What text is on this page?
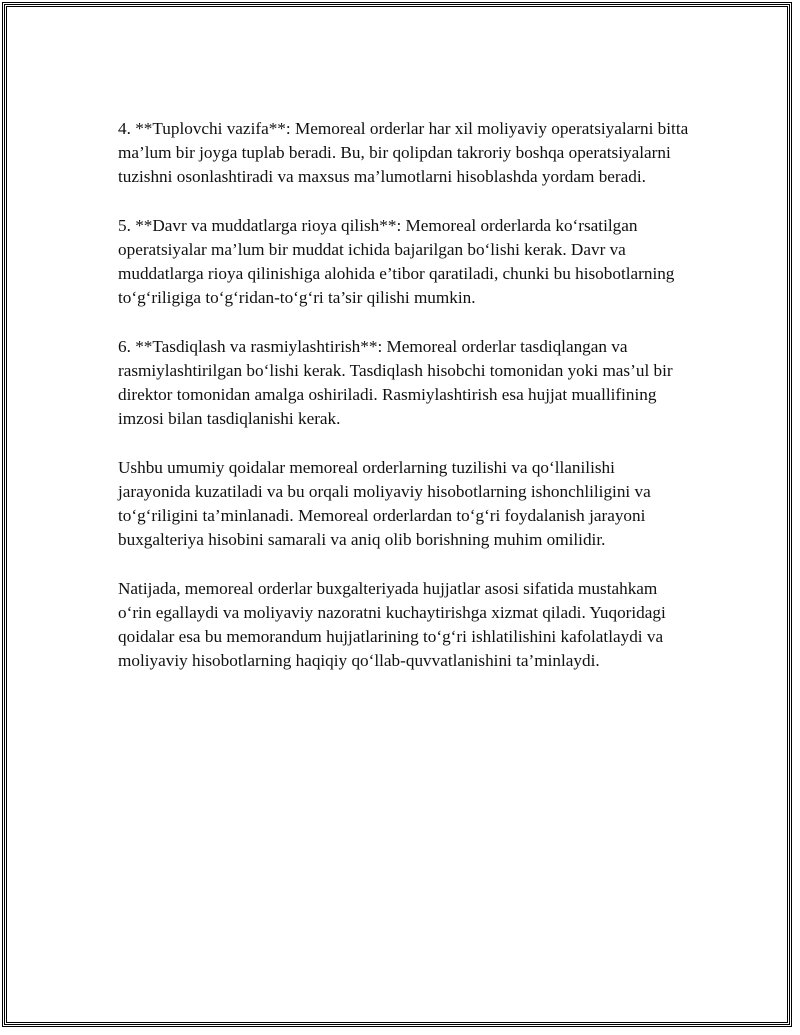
4. **Tuplovchi vazifa**: Memoreal orderlar har xil moliyaviy operatsiyalarni bitta ma’lum bir joyga tuplab beradi. Bu, bir qolipdan takroriy boshqa operatsiyalarni tuzishni osonlashtiradi va maxsus ma’lumotlarni hisoblashda yordam beradi.

5. **Davr va muddatlarga rioya qilish**: Memoreal orderlarda ko‘rsatilgan operatsiyalar ma’lum bir muddat ichida bajarilgan bo‘lishi kerak. Davr va muddatlarga rioya qilinishiga alohida e’tibor qaratiladi, chunki bu hisobotlarning to‘g‘riligiga to‘g‘ridan-to‘g‘ri ta’sir qilishi mumkin.

6. **Tasdiqlash va rasmiylashtirish**: Memoreal orderlar tasdiqlangan va rasmiylashtirilgan bo‘lishi kerak. Tasdiqlash hisobchi tomonidan yoki mas’ul bir direktor tomonidan amalga oshiriladi. Rasmiylashtirish esa hujjat muallifining imzosi bilan tasdiqlanishi kerak.

Ushbu umumiy qoidalar memoreal orderlarning tuzilishi va qo‘llanilishi jarayonida kuzatiladi va bu orqali moliyaviy hisobotlarning ishonchliligini va to‘g‘riligini ta’minlanadi. Memoreal orderlardan to‘g‘ri foydalanish jarayoni buxgalteriya hisobini samarali va aniq olib borishning muhim omilidir.

Natijada, memoreal orderlar buxgalteriyada hujjatlar asosi sifatida mustahkam o‘rin egallaydi va moliyaviy nazoratni kuchaytirishga xizmat qiladi. Yuqoridagi qoidalar esa bu memorandum hujjatlarining to‘g‘ri ishlatilishini kafolatlaydi va moliyaviy hisobotlarning haqiqiy qo‘llab-quvvatlanishini ta’minlaydi.
